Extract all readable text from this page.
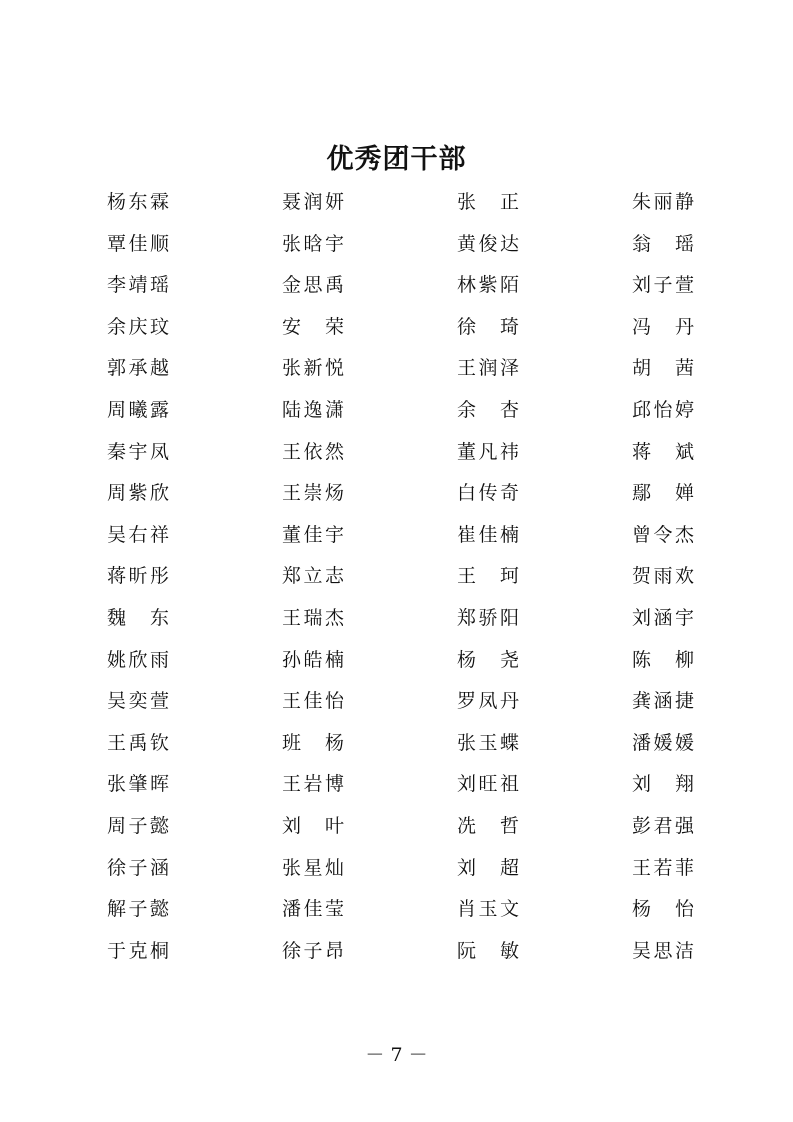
优秀团干部
杨 东 霖	聂 润 妍	张 正	朱 丽 静
覃 佳 顺	张 晗 宇	黄 俊 达	翁 瑶
李 靖 瑶	金 思 禹	林 紫 陌	刘 子 萱
余 庆 玟	安 荣	徐 琦	冯 丹
郭 承 越	张 新 悦	王 润 泽	胡 茜
周 曦 露	陆 逸 潇	余 杏	邱 怡 婷
秦 宇 凤	王 依 然	董 凡 祎	蒋 斌
周 紫 欣	王 崇 炀	白 传 奇	鄢 婵
吴 右 祥	董 佳 宇	崔 佳 楠	曾 令 杰
蒋 昕 彤	郑 立 志	王 珂	贺 雨 欢
魏 东	王 瑞 杰	郑 骄 阳	刘 涵 宇
姚 欣 雨	孙 皓 楠	杨 尧	陈 柳
吴 奕 萱	王 佳 怡	罗 凤 丹	龚 涵 捷
王 禹 钦	班 杨	张 玉 蝶	潘 媛 媛
张 肇 晖	王 岩 博	刘 旺 祖	刘 翔
周 子 懿	刘 叶	冼 哲	彭 君 强
徐 子 涵	张 星 灿	刘 超	王 若 菲
解 子 懿	潘 佳 莹	肖 玉 文	杨 怡
于 克 桐	徐 子 昂	阮 敏	吴 思 洁
－ 7 －
